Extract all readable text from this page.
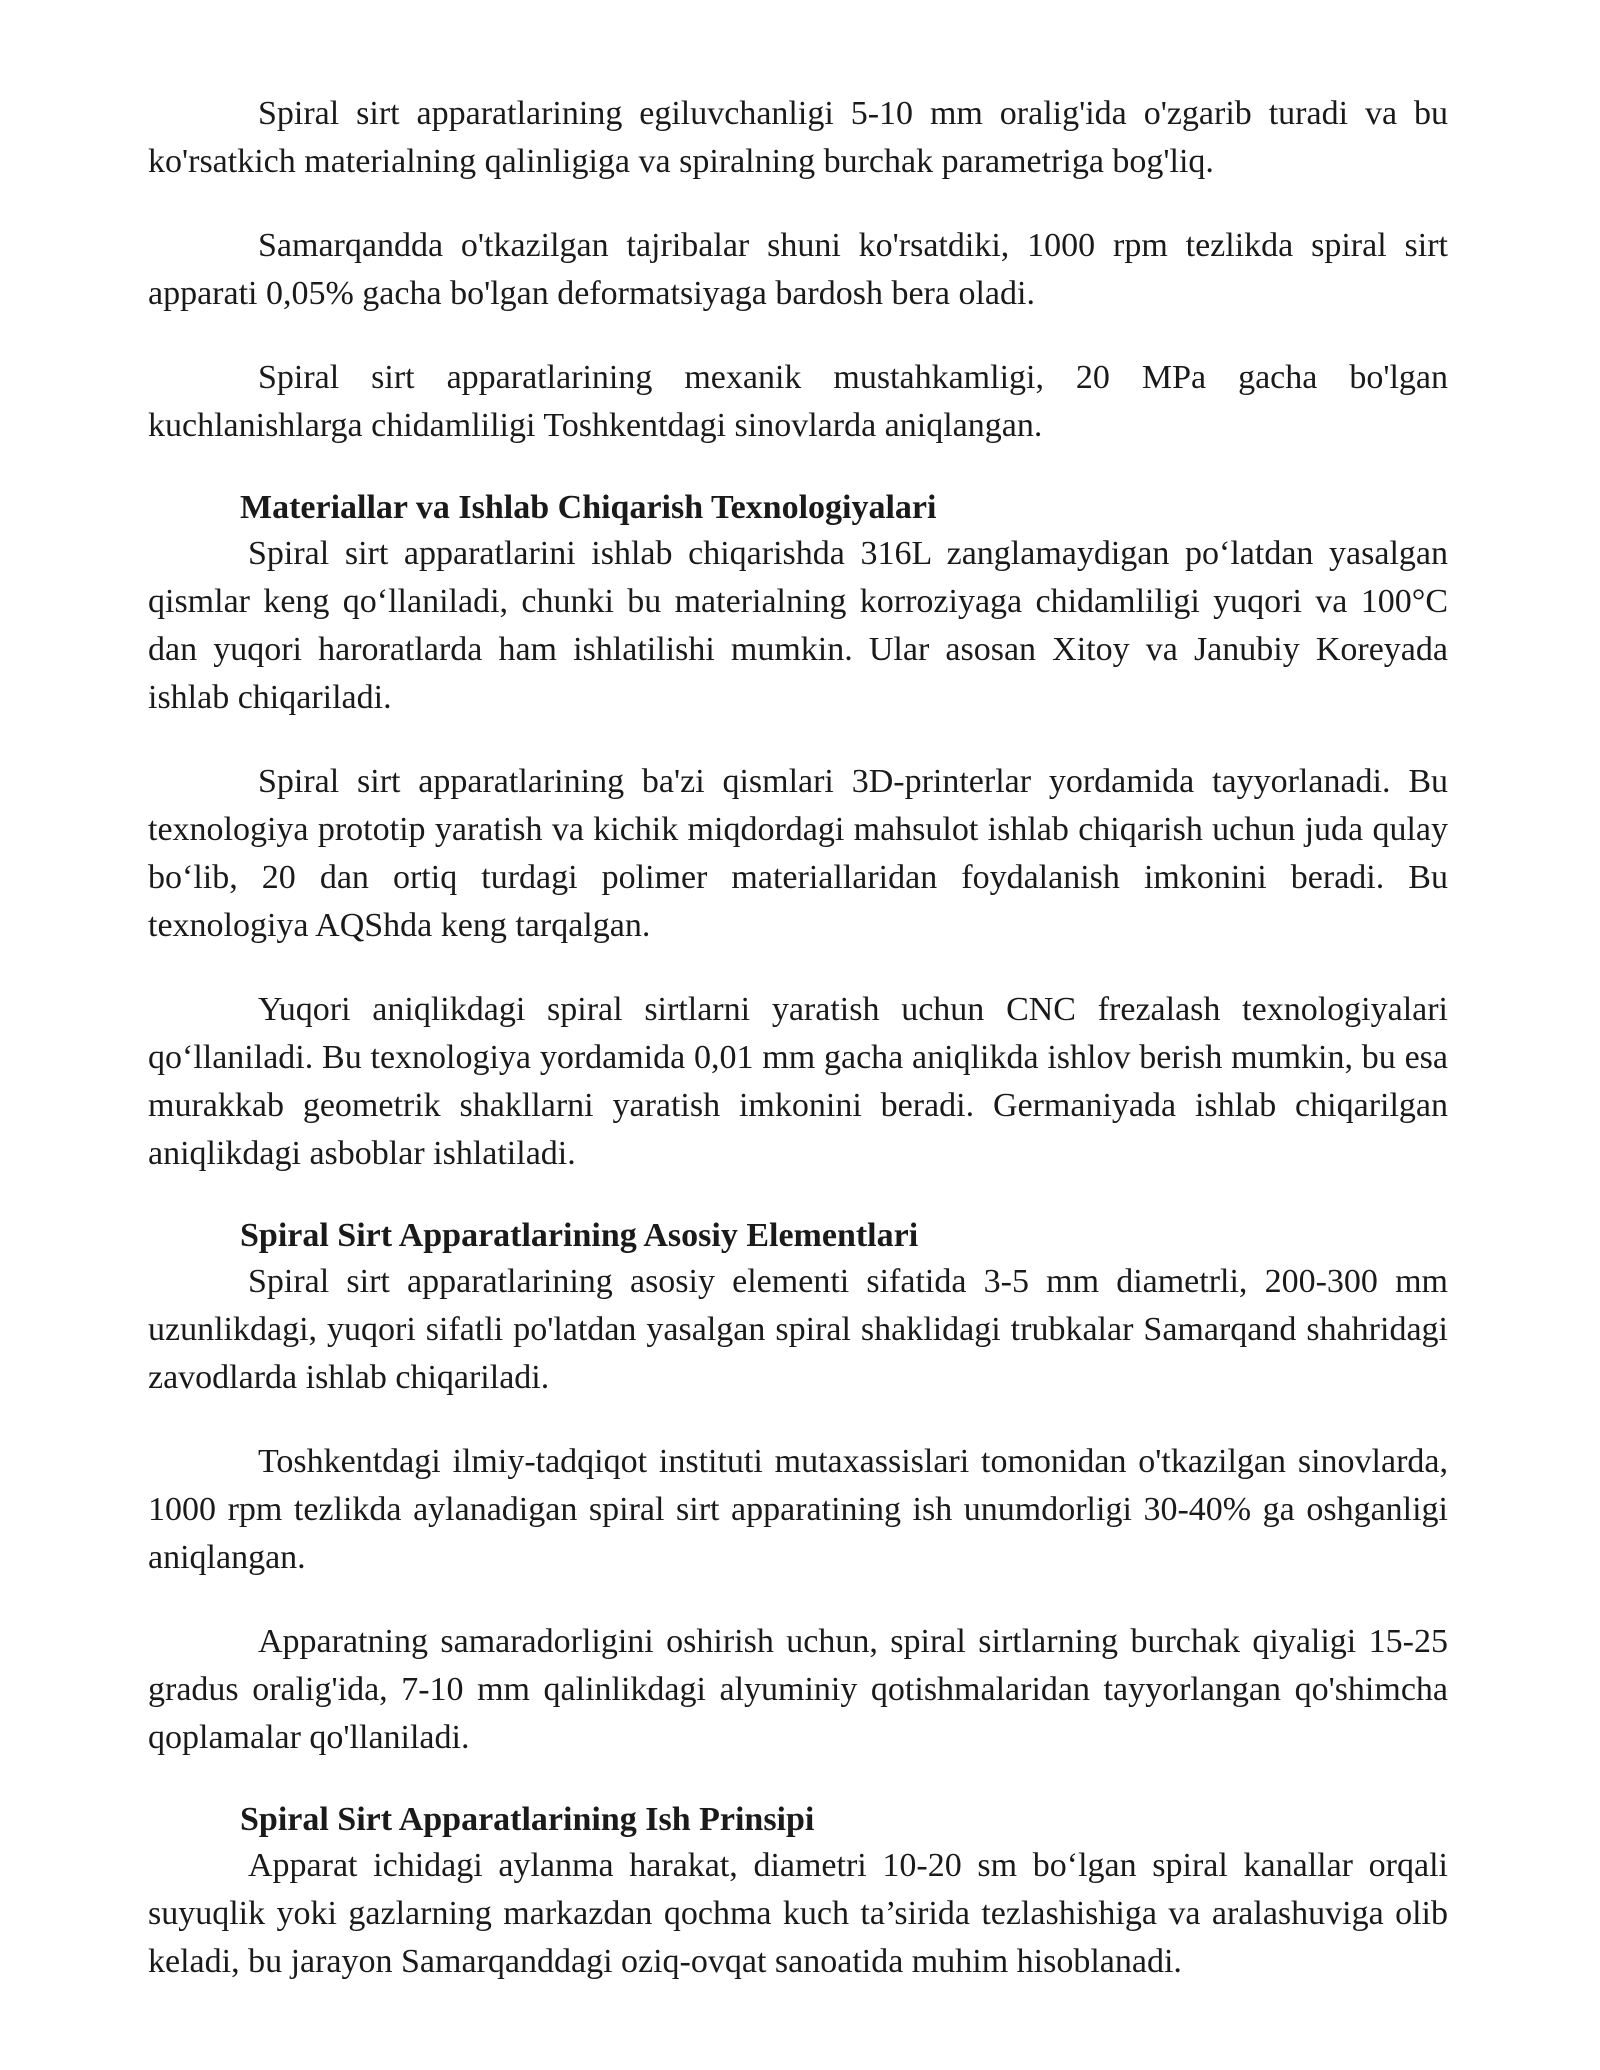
Spiral sirt apparatlarining egiluvchanligi 5-10 mm oralig'ida o'zgarib turadi va bu ko'rsatkich materialning qalinligiga va spiralning burchak parametriga bog'liq.

Samarqandda o'tkazilgan tajribalar shuni ko'rsatdiki, 1000 rpm tezlikda spiral sirt apparati 0,05% gacha bo'lgan deformatsiyaga bardosh bera oladi.

Spiral sirt apparatlarining mexanik mustahkamligi, 20 MPa gacha bo'lgan kuchlanishlarga chidamliligi Toshkentdagi sinovlarda aniqlangan.

Materiallar va Ishlab Chiqarish Texnologiyalari

Spiral sirt apparatlarini ishlab chiqarishda 316L zanglamaydigan po‘latdan yasalgan qismlar keng qo‘llaniladi, chunki bu materialning korroziyaga chidamliligi yuqori va 100°C dan yuqori haroratlarda ham ishlatilishi mumkin. Ular asosan Xitoy va Janubiy Koreyada ishlab chiqariladi.

Spiral sirt apparatlarining ba'zi qismlari 3D-printerlar yordamida tayyorlanadi. Bu texnologiya prototip yaratish va kichik miqdordagi mahsulot ishlab chiqarish uchun juda qulay bo‘lib, 20 dan ortiq turdagi polimer materiallaridan foydalanish imkonini beradi. Bu texnologiya AQShda keng tarqalgan.

Yuqori aniqlikdagi spiral sirtlarni yaratish uchun CNC frezalash texnologiyalari qo‘llaniladi. Bu texnologiya yordamida 0,01 mm gacha aniqlikda ishlov berish mumkin, bu esa murakkab geometrik shakllarni yaratish imkonini beradi. Germaniyada ishlab chiqarilgan aniqlikdagi asboblar ishlatiladi.

Spiral Sirt Apparatlarining Asosiy Elementlari

Spiral sirt apparatlarining asosiy elementi sifatida 3-5 mm diametrli, 200-300 mm uzunlikdagi, yuqori sifatli po'latdan yasalgan spiral shaklidagi trubkalar Samarqand shahridagi zavodlarda ishlab chiqariladi.

Toshkentdagi ilmiy-tadqiqot instituti mutaxassislari tomonidan o'tkazilgan sinovlarda, 1000 rpm tezlikda aylanadigan spiral sirt apparatining ish unumdorligi 30-40% ga oshganligi aniqlangan.

Apparatning samaradorligini oshirish uchun, spiral sirtlarning burchak qiyaligi 15-25 gradus oralig'ida, 7-10 mm qalinlikdagi alyuminiy qotishmalaridan tayyorlangan qo'shimcha qoplamalar qo'llaniladi.

Spiral Sirt Apparatlarining Ish Prinsipi

Apparat ichidagi aylanma harakat, diametri 10-20 sm bo‘lgan spiral kanallar orqali suyuqlik yoki gazlarning markazdan qochma kuch ta’sirida tezlashishiga va aralashuviga olib keladi, bu jarayon Samarqanddagi oziq-ovqat sanoatida muhim hisoblanadi.
